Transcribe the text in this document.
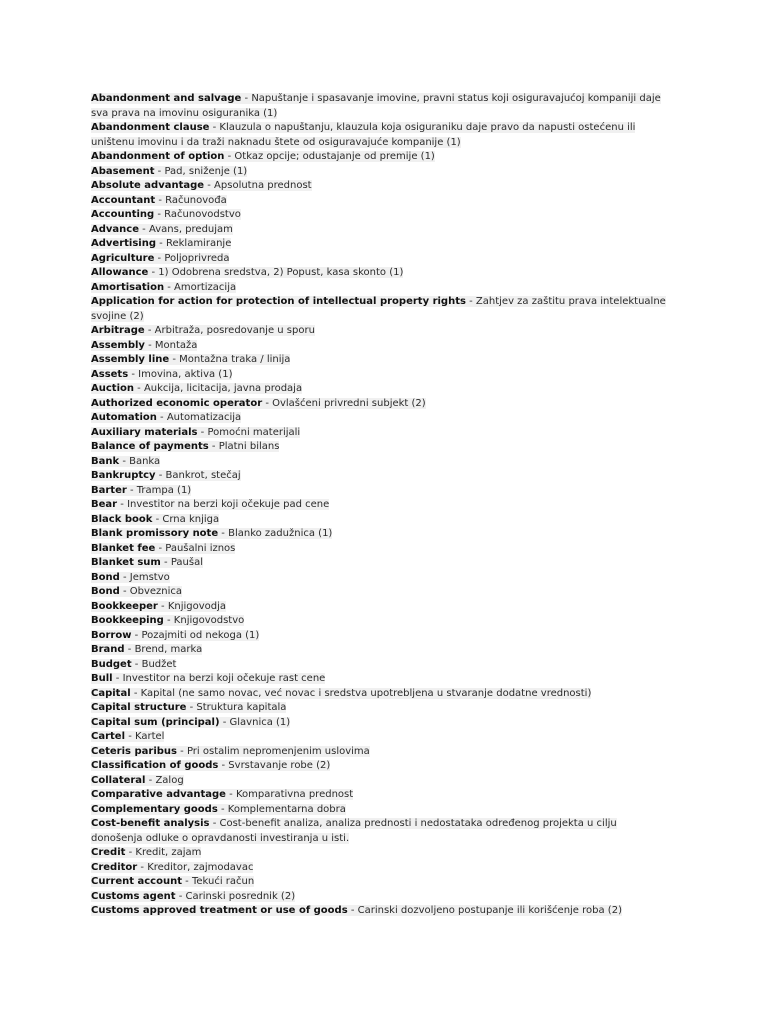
Abandonment and salvage - Napuštanje i spasavanje imovine, pravni status koji osiguravajućoj kompaniji daje
sva prava na imovinu osiguranika (1)
Abandonment clause - Klauzula o napuštanju, klauzula koja osiguraniku daje pravo da napusti ostećenu ili
uništenu imovinu i da traži naknadu štete od osiguravajuće kompanije (1)
Abandonment of option - Otkaz opcije; odustajanje od premije (1)
Abasement - Pad, sniženje (1)
Absolute advantage - Apsolutna prednost
Accountant - Računovođa
Accounting - Računovodstvo
Advance - Avans, predujam
Advertising - Reklamiranje
Agriculture - Poljoprivreda
Allowance - 1) Odobrena sredstva, 2) Popust, kasa skonto (1)
Amortisation - Amortizacija
Application for action for protection of intellectual property rights - Zahtjev za zaštitu prava intelektualne
svojine (2)
Arbitrage - Arbitraža, posredovanje u sporu
Assembly - Montaža
Assembly line - Montažna traka / linija
Assets - Imovina, aktiva (1)
Auction - Aukcija, licitacija, javna prodaja
Authorized economic operator - Ovlašćeni privredni subjekt (2)
Automation - Automatizacija
Auxiliary materials - Pomoćni materijali
Balance of payments - Platni bilans
Bank - Banka
Bankruptcy - Bankrot, stečaj
Barter - Trampa (1)
Bear - Investitor na berzi koji očekuje pad cene
Black book - Crna knjiga
Blank promissory note - Blanko zadužnica (1)
Blanket fee - Paušalni iznos
Blanket sum - Paušal
Bond - Jemstvo
Bond - Obveznica
Bookkeeper - Knjigovodja
Bookkeeping - Knjigovodstvo
Borrow - Pozajmiti od nekoga (1)
Brand - Brend, marka
Budget - Budžet
Bull - Investitor na berzi koji očekuje rast cene
Capital - Kapital (ne samo novac, već novac i sredstva upotrebljena u stvaranje dodatne vrednosti)
Capital structure - Struktura kapitala
Capital sum (principal) - Glavnica (1)
Cartel - Kartel
Ceteris paribus - Pri ostalim nepromenjenim uslovima
Classification of goods - Svrstavanje robe (2)
Collateral - Zalog
Comparative advantage - Komparativna prednost
Complementary goods - Komplementarna dobra
Cost-benefit analysis - Cost-benefit analiza, analiza prednosti i nedostataka određenog projekta u cilju
donošenja odluke o opravdanosti investiranja u isti.
Credit - Kredit, zajam
Creditor - Kreditor, zajmodavac
Current account - Tekući račun
Customs agent - Carinski posrednik (2)
Customs approved treatment or use of goods - Carinski dozvoljeno postupanje ili korišćenje roba (2)
